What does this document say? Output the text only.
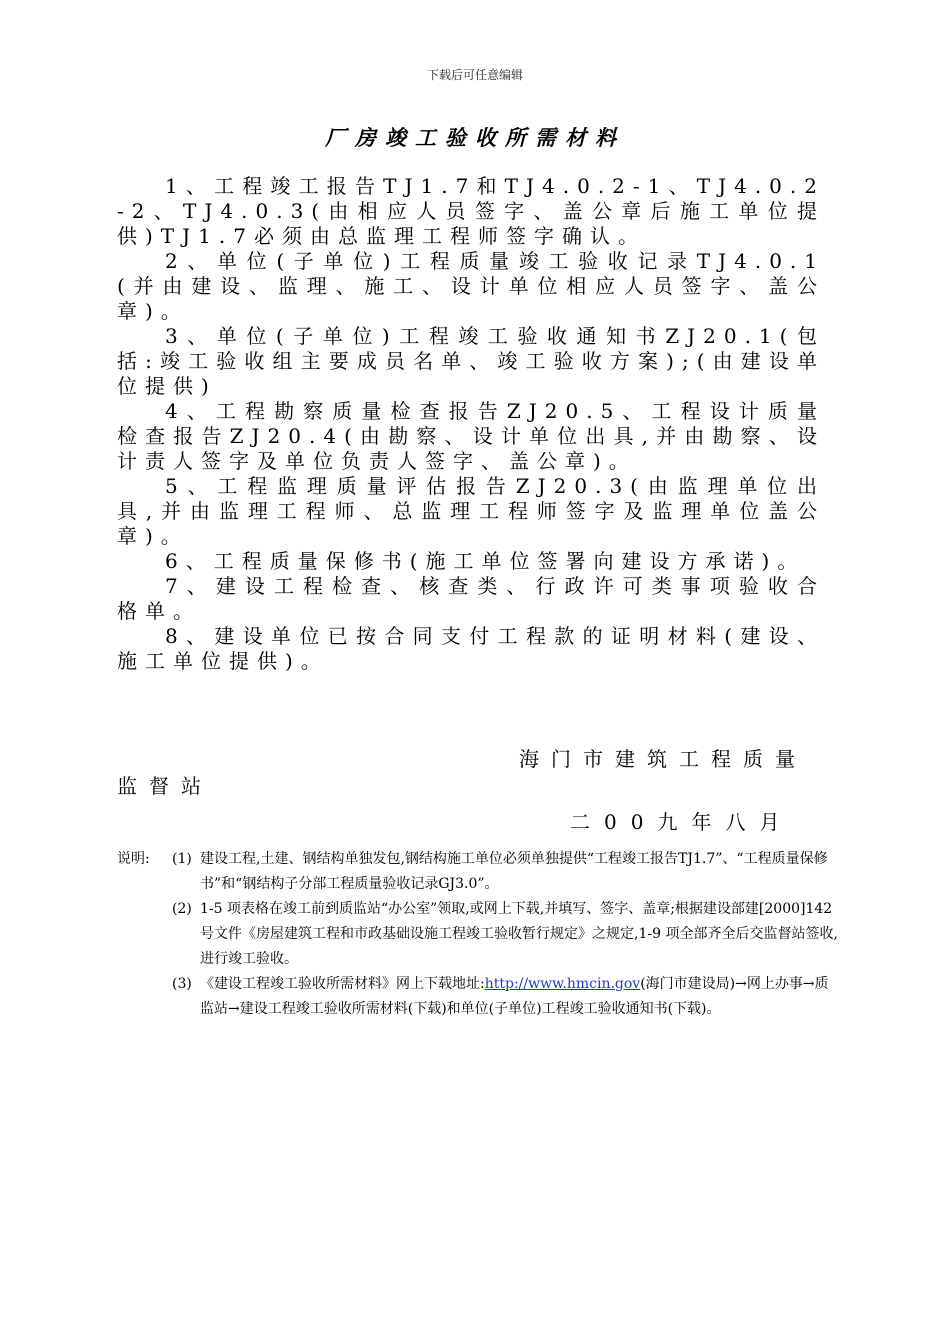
下载后可任意编辑
厂房竣工验收所需材料

1、工程竣工报告TJ1.7和TJ4.0.2-1、TJ4.0.2-2、TJ4.0.3(由相应人员签字、盖公章后施工单位提供)TJ1.7必须由总监理工程师签字确认。

2、单位(子单位)工程质量竣工验收记录TJ4.0.1(并由建设、监理、施工、设计单位相应人员签字、盖公章)。

3、单位(子单位)工程竣工验收通知书ZJ20.1(包括:竣工验收组主要成员名单、竣工验收方案);(由建设单位提供)

4、工程勘察质量检查报告ZJ20.5、工程设计质量检查报告ZJ20.4(由勘察、设计单位出具,并由勘察、设计责人签字及单位负责人签字、盖公章)。

5、工程监理质量评估报告ZJ20.3(由监理单位出具,并由监理工程师、总监理工程师签字及监理单位盖公章)。

6、工程质量保修书(施工单位签署向建设方承诺)。

7、建设工程检查、核查类、行政许可类事项验收合格单。

8、建设单位已按合同支付工程款的证明材料(建设、施工单位提供)。

海门市建筑工程质量监督站
二00九年八月
说明:	(1) 建设工程,土建、钢结构单独发包,钢结构施工单位必须单独提供“工程竣工报告TJ1.7”、“工程质量保修书”和“钢结构子分部工程质量验收记录GJ3.0”。
(2) 1-5 项表格在竣工前到质监站“办公室”领取,或网上下载,并填写、签字、盖章;根据建设部建[2000]142 号文件《房屋建筑工程和市政基础设施工程竣工验收暂行规定》之规定,1-9 项全部齐全后交监督站签收,进行竣工验收。
(3) 《建设工程竣工验收所需材料》网上下载地址:http://www.hmcin.gov(海门市建设局)→网上办事→质监站→建设工程竣工验收所需材料(下载)和单位(子单位)工程竣工验收通知书(下载)。
